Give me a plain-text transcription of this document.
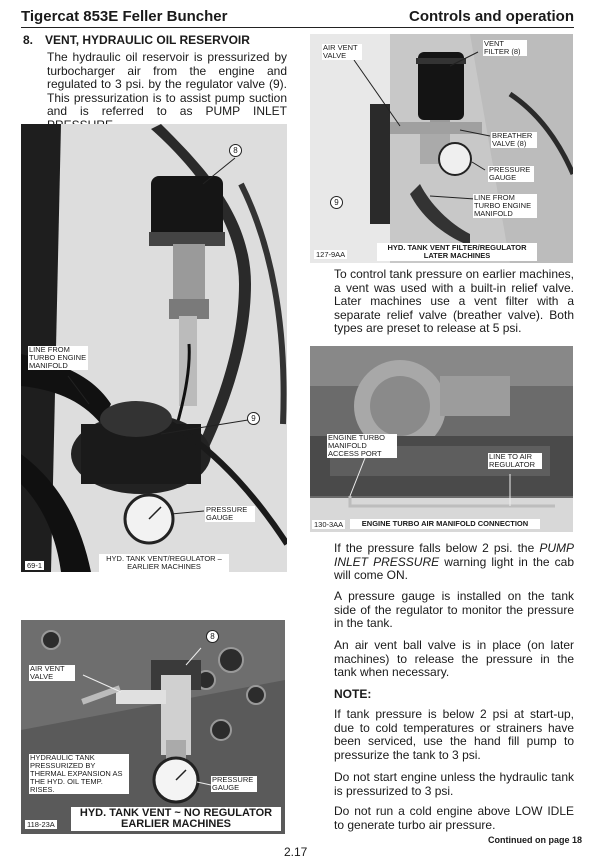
Tigercat 853E Feller Buncher	Controls and operation
8. VENT, HYDRAULIC OIL RESERVOIR
The hydraulic oil reservoir is pressurized by turbocharger air from the engine and regulated to 3 psi. by the regulator valve (9). This pressurization is to assist pump suction and is referred to as PUMP INLET
8
9
LINE FROM TURBO ENGINE MANIFOLD
PRESSURE GAUGE
69-1
HYD. TANK VENT/REGULATOR – EARLIER MACHINES
8
AIR VENT VALVE
HYDRAULIC TANK PRESSURIZED BY THERMAL EXPANSION AS THE HYD. OIL TEMP. RISES.
PRESSURE GAUGE
118-23A
HYD. TANK VENT ~ NO REGULATOR EARLIER MACHINES
AIR VENT VALVE
VENT FILTER (8)
BREATHER VALVE (8)
PRESSURE GAUGE
LINE FROM TURBO ENGINE MANIFOLD
9
127-9AA
HYD. TANK VENT FILTER/REGULATOR LATER MACHINES
To control tank pressure on earlier machines, a vent was used with a built-in relief valve. Later machines use a vent filter with a separate relief valve (breather valve). Both types are preset to release at 5 psi.
ENGINE TURBO MANIFOLD ACCESS PORT	LINE TO AIR REGULATOR
130-3AA	ENGINE TURBO AIR MANIFOLD CONNECTION
If the pressure falls below 2 psi. the PUMP INLET PRESSURE warning light in the cab will come ON.
A pressure gauge is installed on the tank side of the regulator to monitor the pressure in the tank.
An air vent ball valve is in place (on later machines) to release the pressure in the tank when necessary.
NOTE:
If tank pressure is below 2 psi at start-up, due to cold temperatures or strainers have been serviced, use the hand fill pump to pressurize the tank to 3 psi.
Do not start engine unless the hydraulic tank is pressurized to 3 psi.
Do not run a cold engine above LOW IDLE to generate turbo air pressure.
Continued on page 18
2.17
